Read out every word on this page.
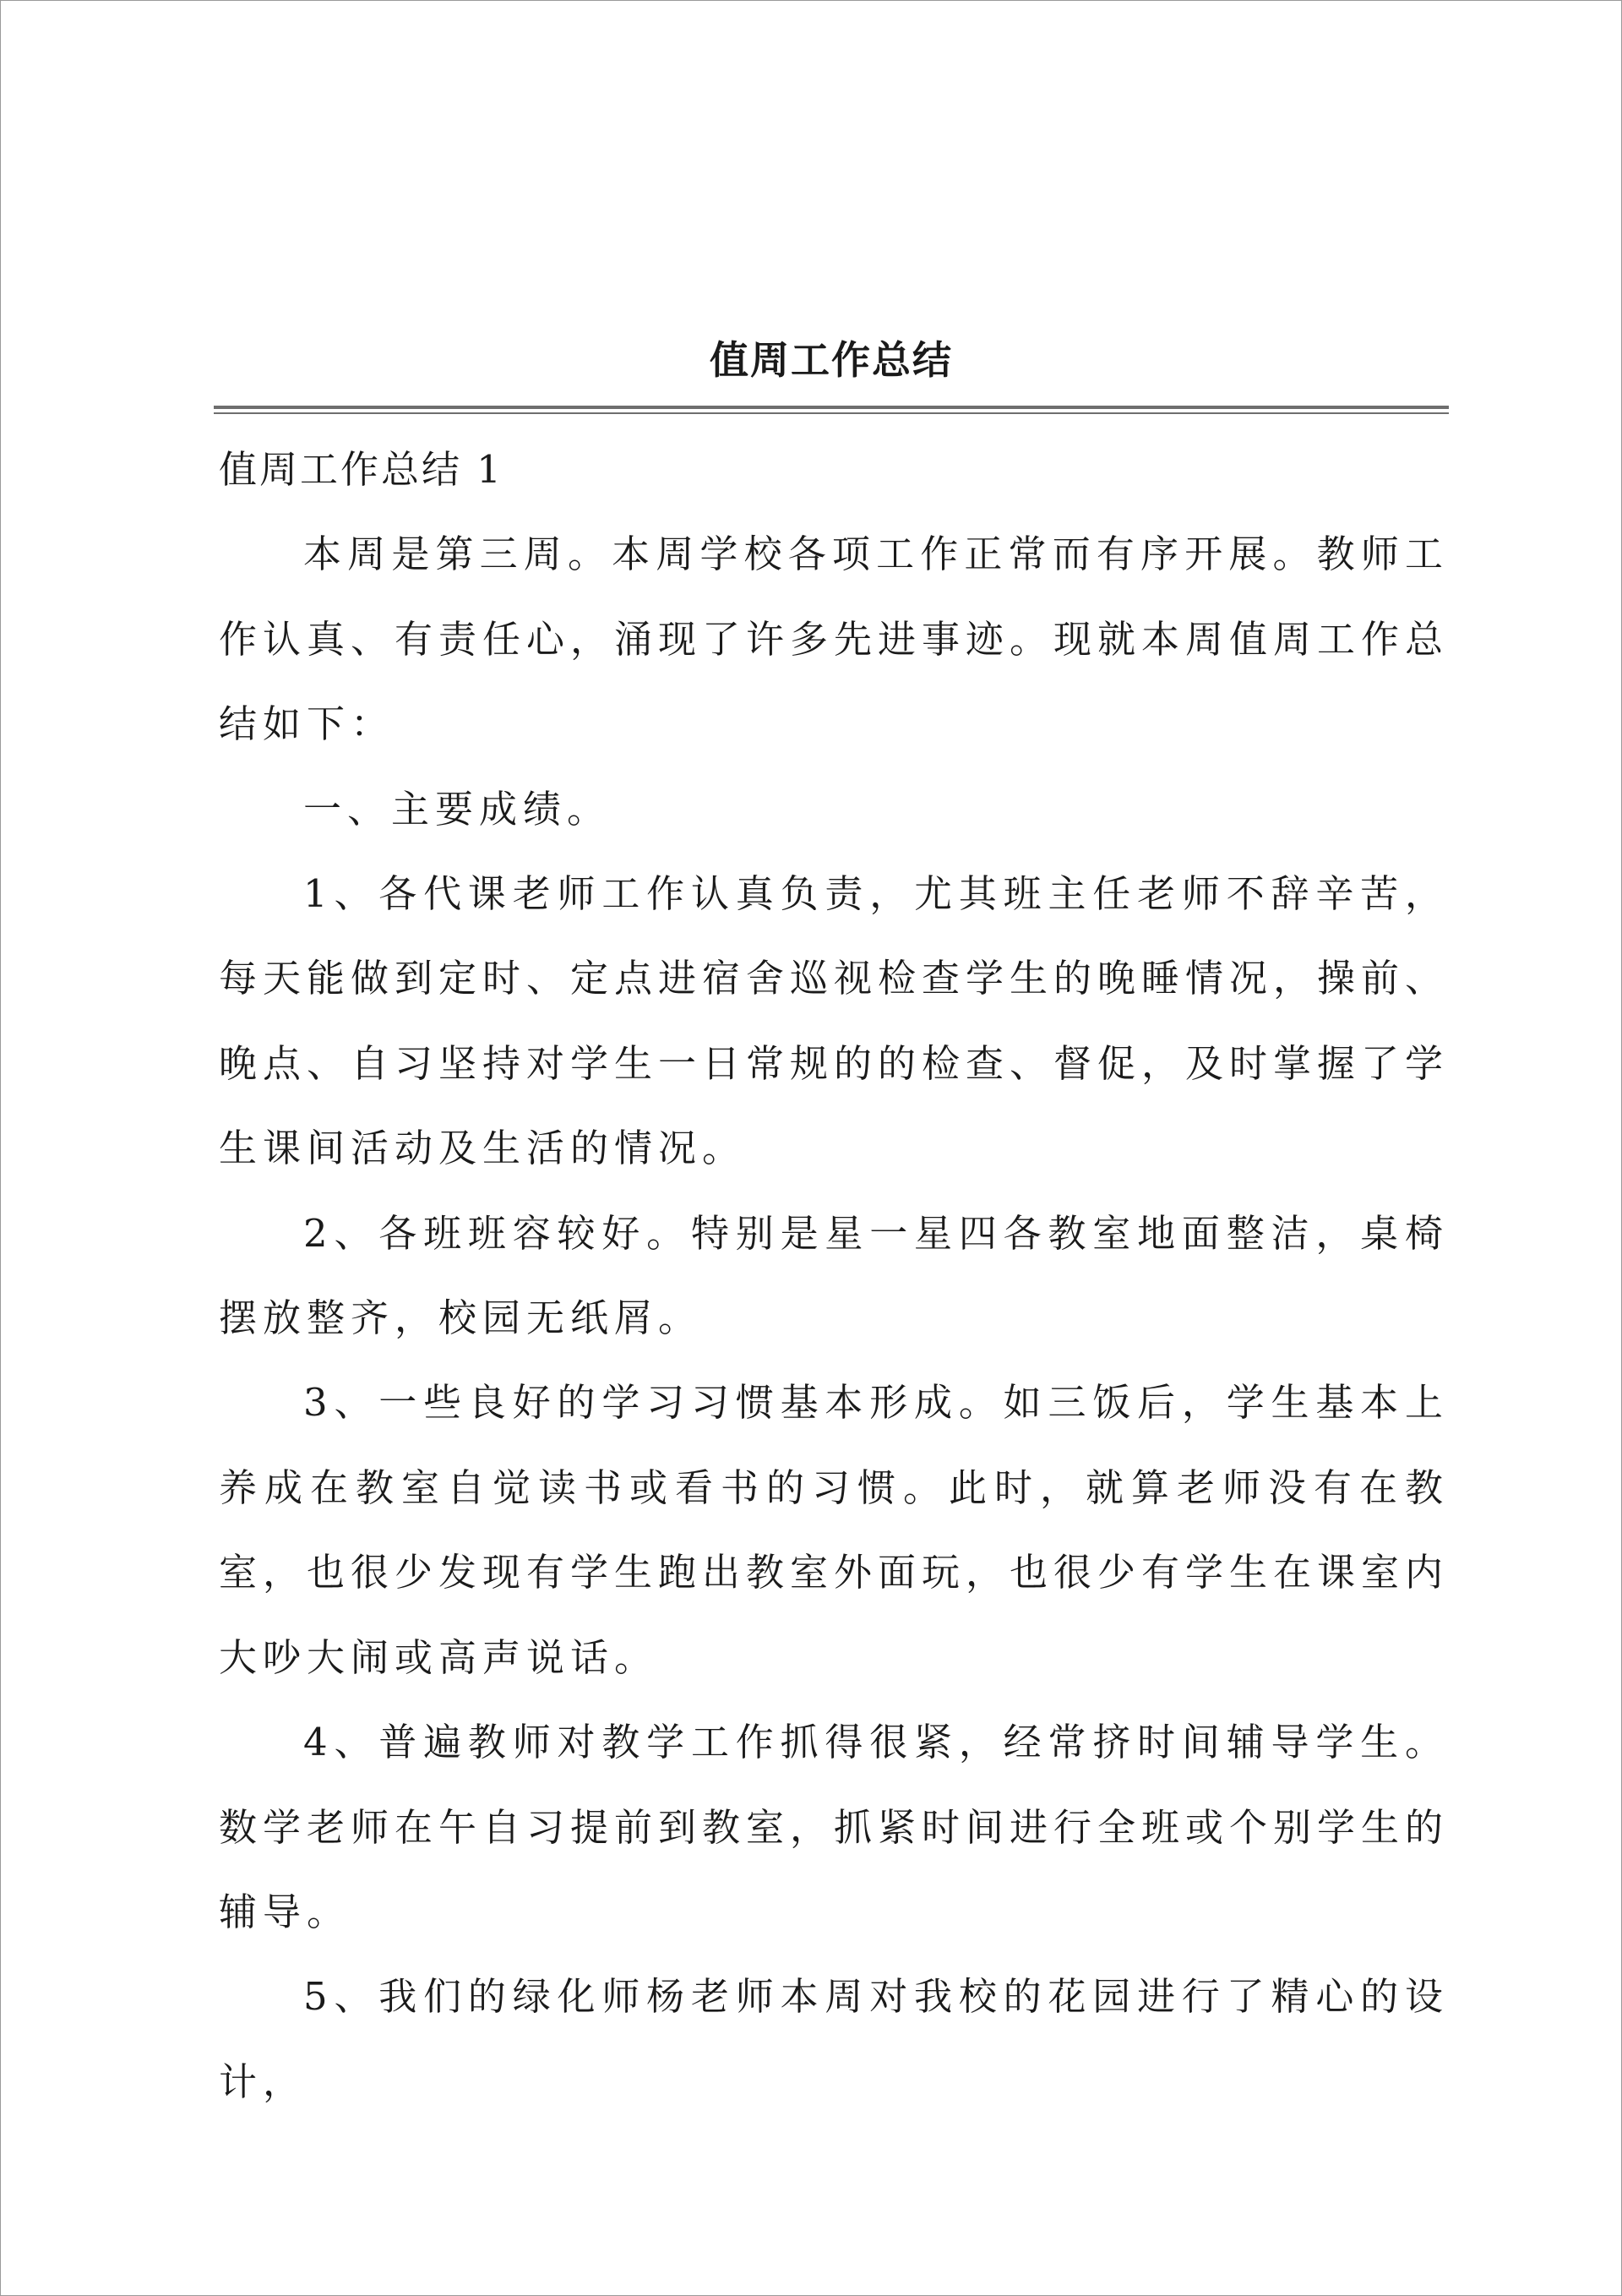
值周工作总结

值周工作总结 1

本周是第三周。本周学校各项工作正常而有序开展。教师工作认真、有责任心，涌现了许多先进事迹。现就本周值周工作总结如下：

一、主要成绩。

1、各代课老师工作认真负责，尤其班主任老师不辞辛苦，每天能做到定时、定点进宿舍巡视检查学生的晚睡情况，操前、晚点、自习坚持对学生一日常规的的检查、督促，及时掌握了学生课间活动及生活的情况。

2、各班班容较好。特别是星一星四各教室地面整洁，桌椅摆放整齐，校园无纸屑。

3、一些良好的学习习惯基本形成。如三饭后，学生基本上养成在教室自觉读书或看书的习惯。此时，就算老师没有在教室，也很少发现有学生跑出教室外面玩，也很少有学生在课室内大吵大闹或高声说话。

4、普遍教师对教学工作抓得很紧，经常挤时间辅导学生。数学老师在午自习提前到教室，抓紧时间进行全班或个别学生的辅导。

5、我们的绿化师杨老师本周对我校的花园进行了精心的设计，
